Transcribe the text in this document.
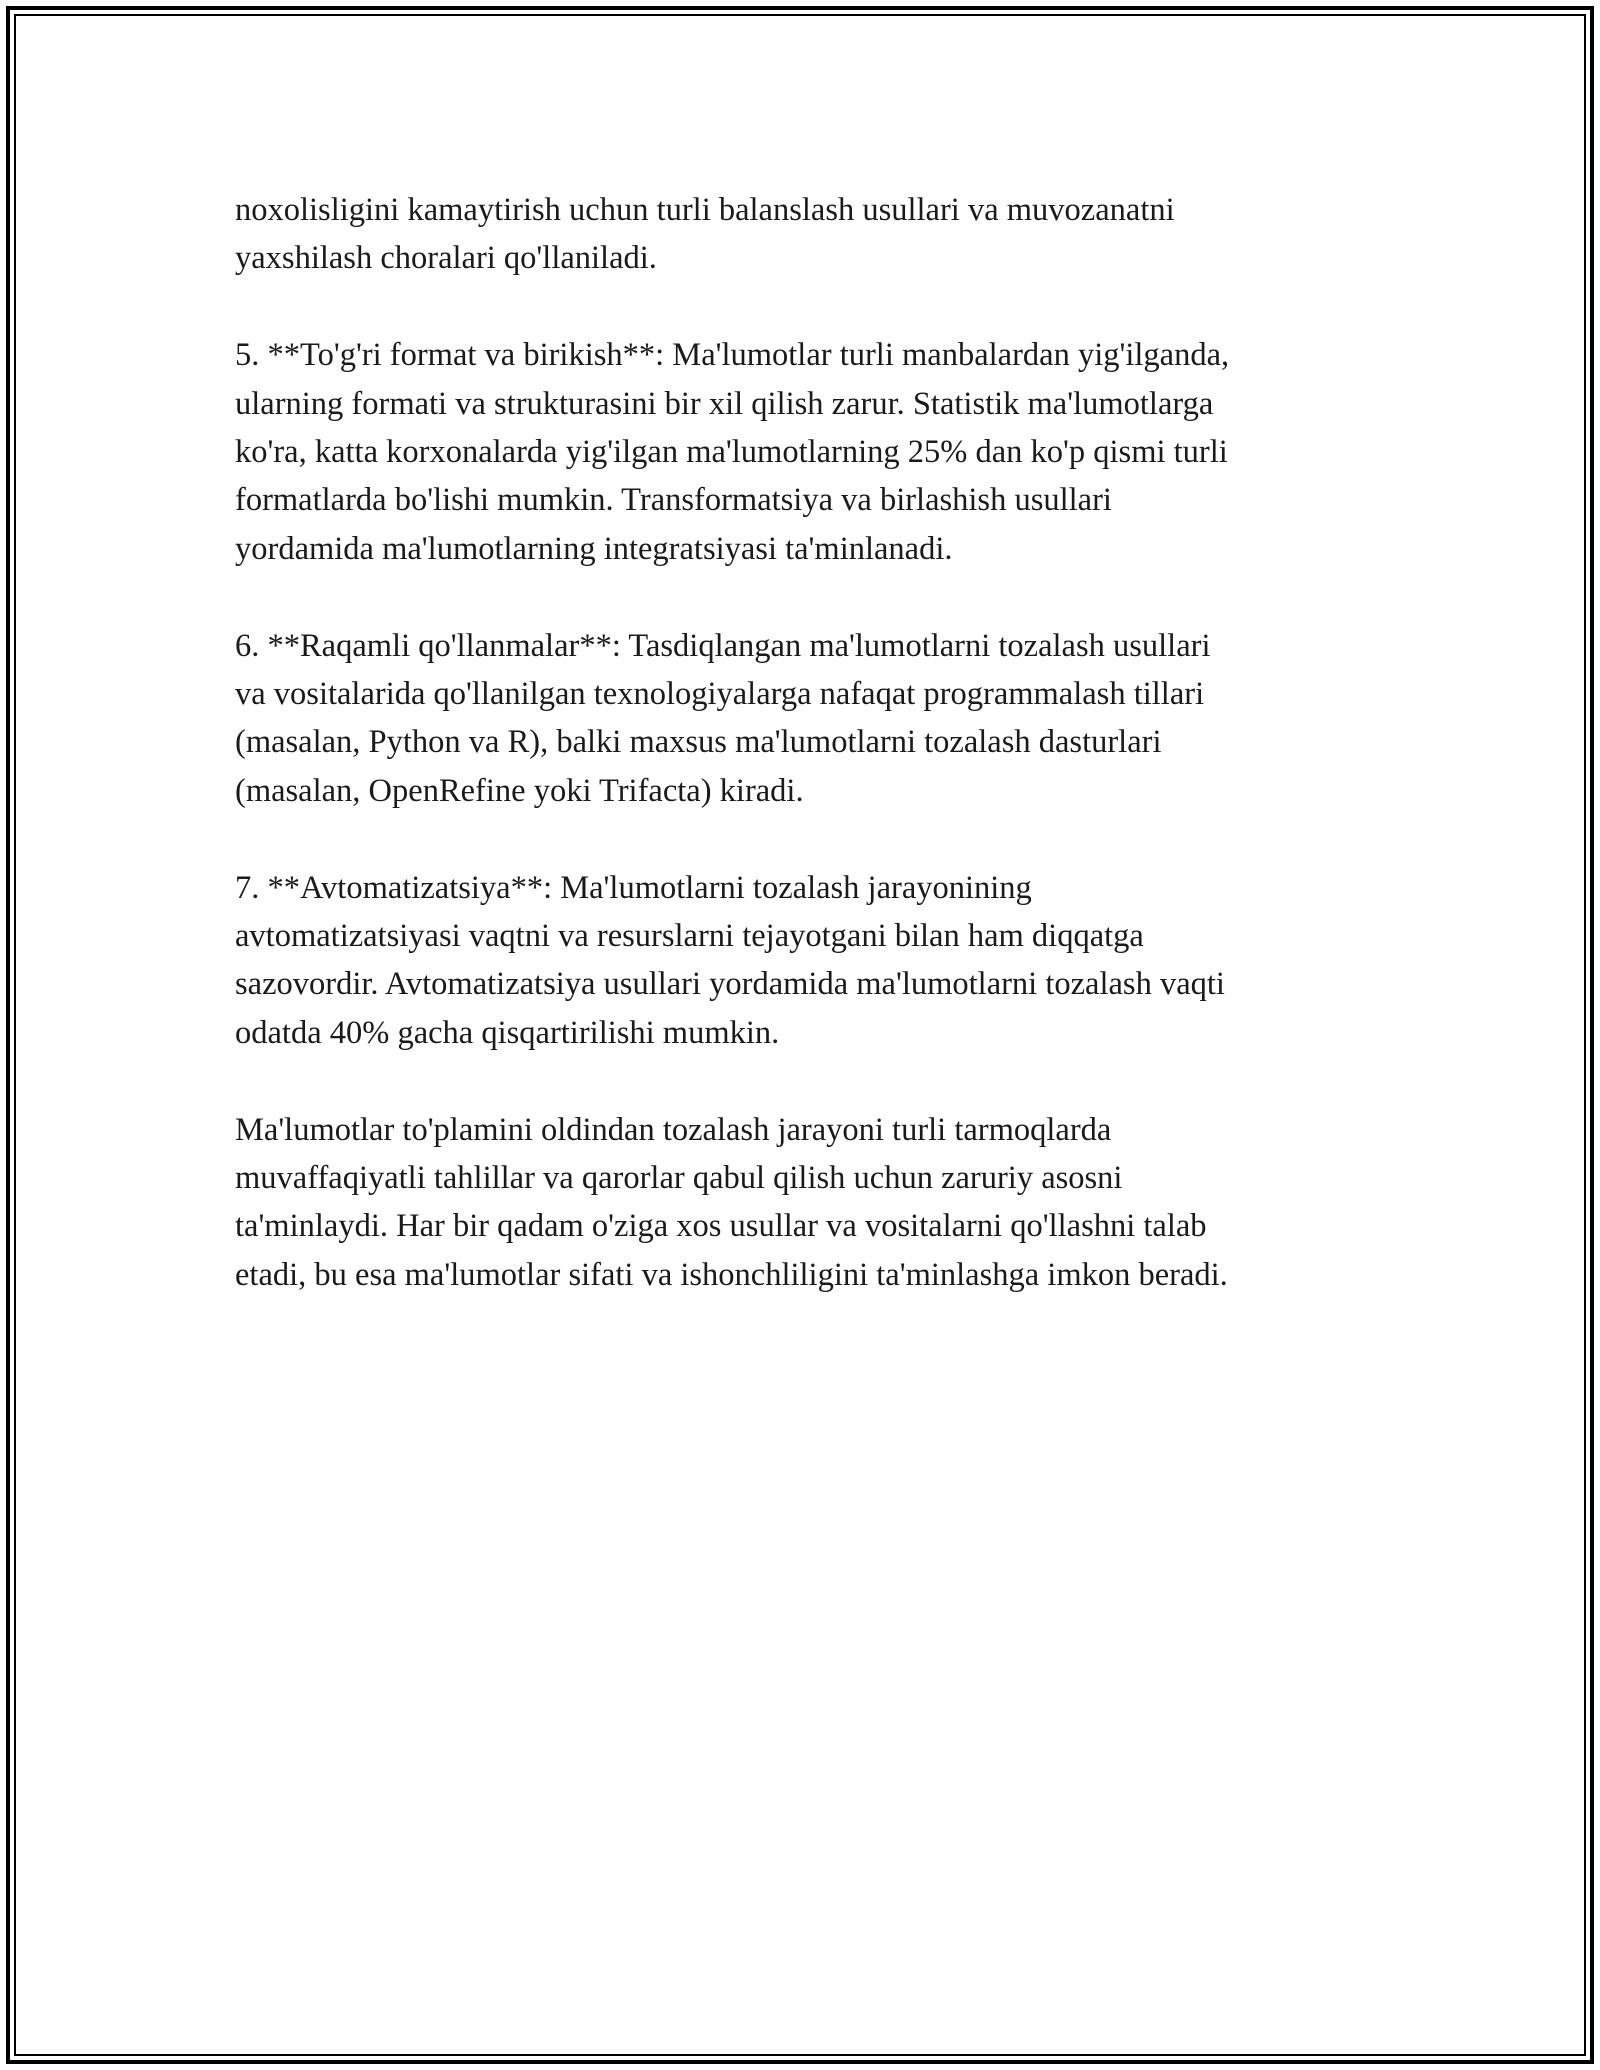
noxolisligini kamaytirish uchun turli balanslash usullari va muvozanatni
yaxshilash choralari qo'llaniladi.

5. **To'g'ri format va birikish**: Ma'lumotlar turli manbalardan yig'ilganda,
ularning formati va strukturasini bir xil qilish zarur. Statistik ma'lumotlarga
ko'ra, katta korxonalarda yig'ilgan ma'lumotlarning 25% dan ko'p qismi turli
formatlarda bo'lishi mumkin. Transformatsiya va birlashish usullari
yordamida ma'lumotlarning integratsiyasi ta'minlanadi.

6. **Raqamli qo'llanmalar**: Tasdiqlangan ma'lumotlarni tozalash usullari
va vositalarida qo'llanilgan texnologiyalarga nafaqat programmalash tillari
(masalan, Python va R), balki maxsus ma'lumotlarni tozalash dasturlari
(masalan, OpenRefine yoki Trifacta) kiradi.

7. **Avtomatizatsiya**: Ma'lumotlarni tozalash jarayonining
avtomatizatsiyasi vaqtni va resurslarni tejayotgani bilan ham diqqatga
sazovordir. Avtomatizatsiya usullari yordamida ma'lumotlarni tozalash vaqti
odatda 40% gacha qisqartirilishi mumkin.

Ma'lumotlar to'plamini oldindan tozalash jarayoni turli tarmoqlarda
muvaffaqiyatli tahlillar va qarorlar qabul qilish uchun zaruriy asosni
ta'minlaydi. Har bir qadam o'ziga xos usullar va vositalarni qo'llashni talab
etadi, bu esa ma'lumotlar sifati va ishonchliligini ta'minlashga imkon beradi.
